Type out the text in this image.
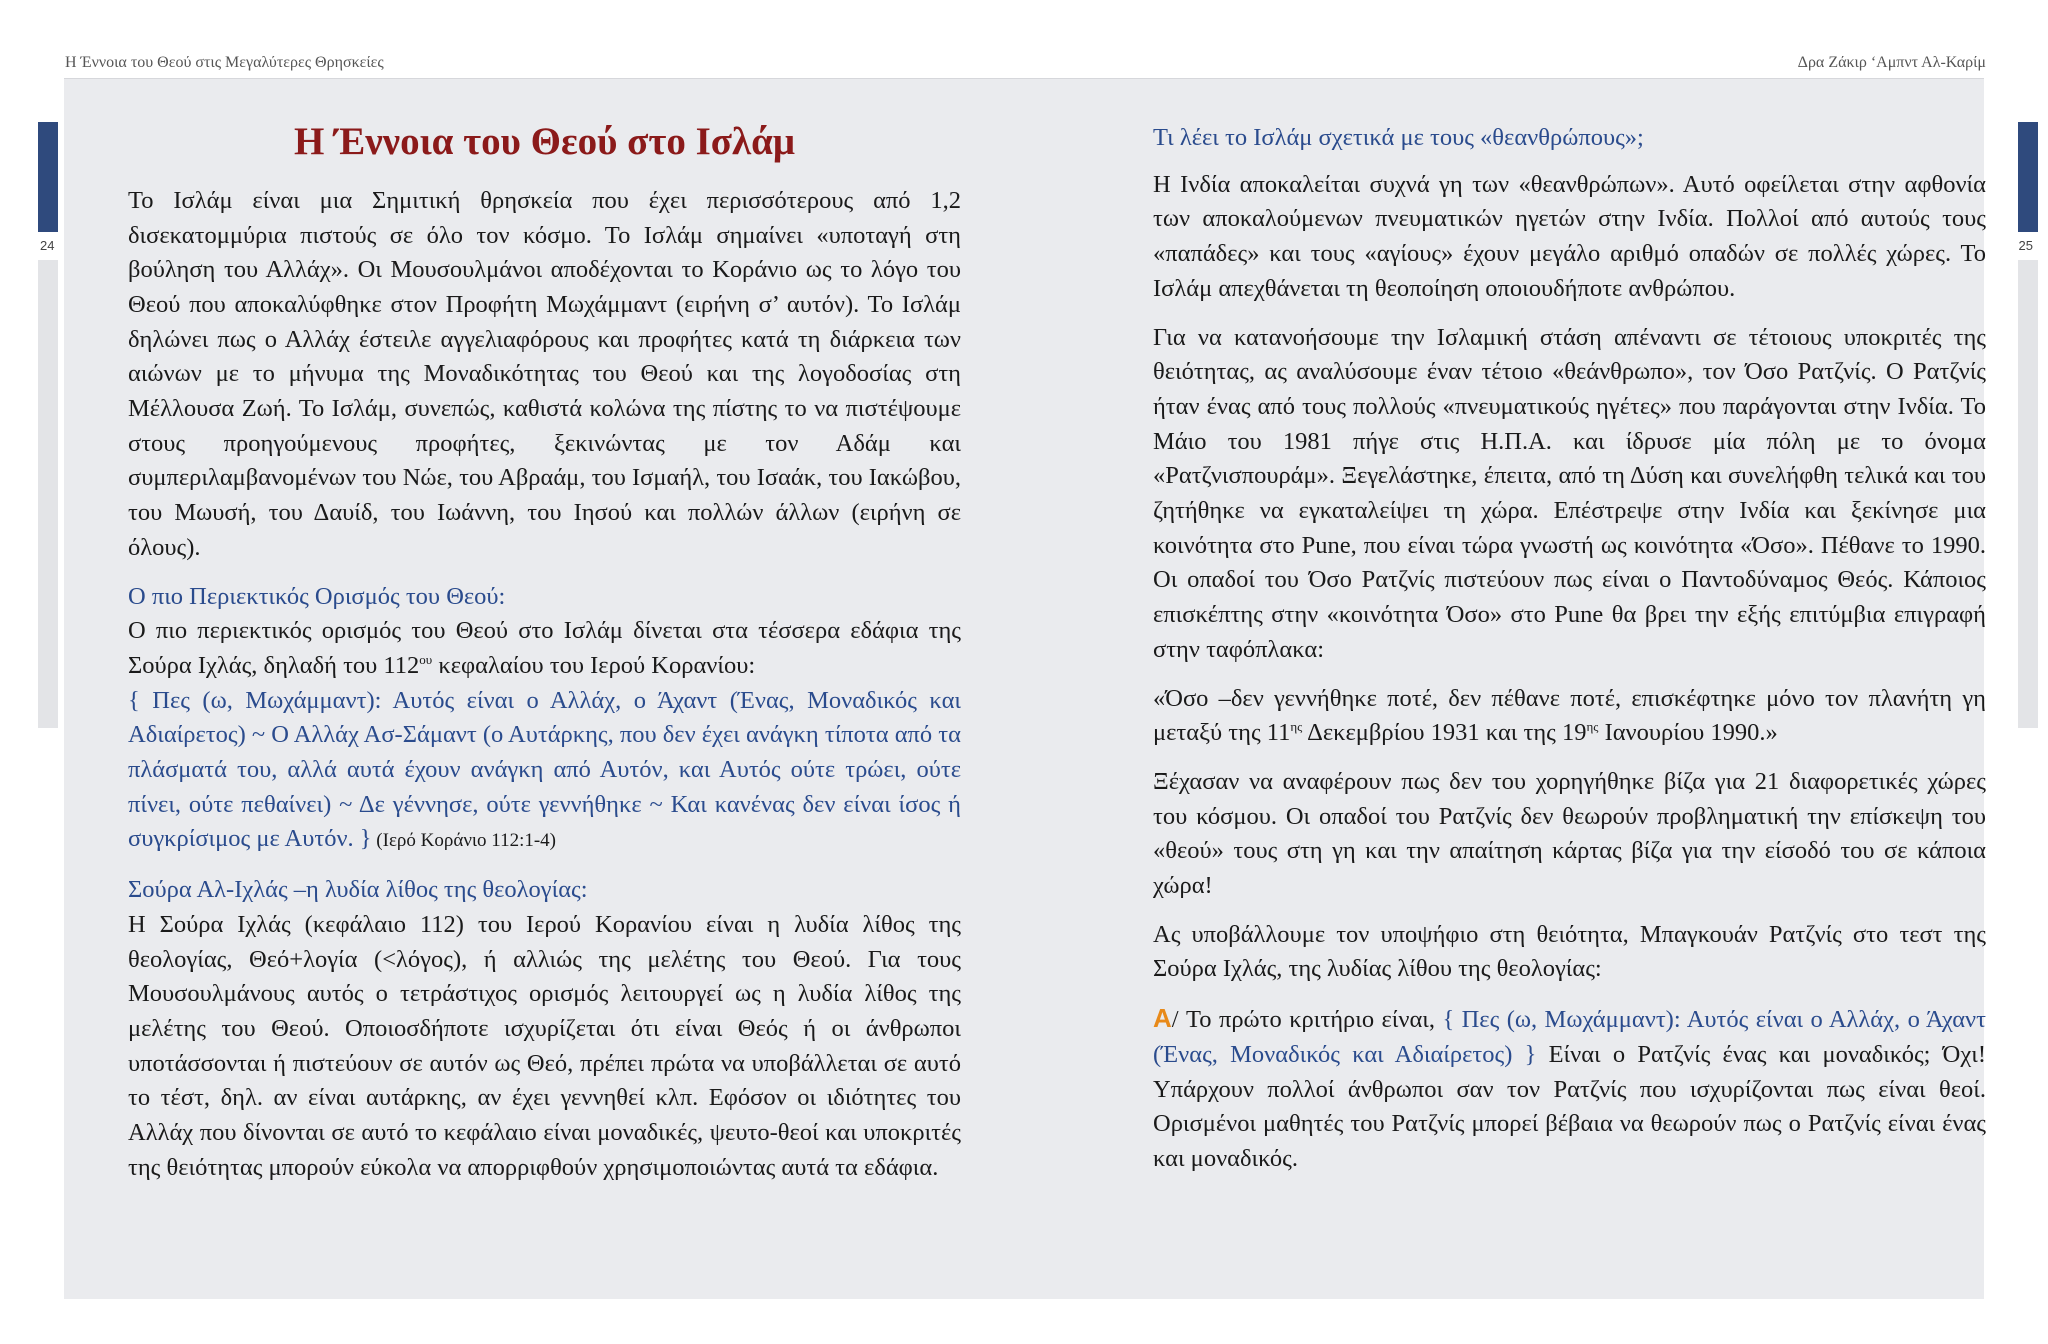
Η Έννοια του Θεού στις Μεγαλύτερες Θρησκείες	Δρα Ζάκιρ ‘Αμπντ Αλ-Καρίμ
24	25
Η Έννοια του Θεού στο Ισλάμ

Το Ισλάμ είναι μια Σημιτική θρησκεία που έχει περισσότερους από 1,2 δισεκατομμύρια πιστούς σε όλο τον κόσμο. Το Ισλάμ σημαίνει «υποταγή στη βούληση του Αλλάχ». Οι Μουσουλμάνοι αποδέχονται το Κοράνιο ως το λόγο του Θεού που αποκαλύφθηκε στον Προφήτη Μωχάμμαντ (ειρήνη σ’ αυτόν). Το Ισλάμ δηλώνει πως ο Αλλάχ έστειλε αγγελιαφόρους και προφήτες κατά τη διάρκεια των αιώνων με το μήνυμα της Μοναδικότητας του Θεού και της λογοδοσίας στη Μέλλουσα Ζωή. Το Ισλάμ, συνεπώς, καθιστά κολώνα της πίστης το να πιστέψουμε στους προηγούμενους προφήτες, ξεκινώντας με τον Αδάμ και συμπεριλαμβανομένων του Νώε, του Αβραάμ, του Ισμαήλ, του Ισαάκ, του Ιακώβου, του Μωυσή, του Δαυίδ, του Ιωάννη, του Ιησού και πολλών άλλων (ειρήνη σε όλους).

Ο πιο Περιεκτικός Ορισμός του Θεού:

Ο πιο περιεκτικός ορισμός του Θεού στο Ισλάμ δίνεται στα τέσσερα εδάφια της Σούρα Ιχλάς, δηλαδή του $112^{o\upsilon}$ κεφαλαίου του Ιερού Κορανίου:

{ Πες (ω, Μωχάμμαντ): Αυτός είναι ο Αλλάχ, ο Άχαντ (Ένας, Μοναδικός και Αδιαίρετος) ~ Ο Αλλάχ Ασ-Σάμαντ (ο Αυτάρκης, που δεν έχει ανάγκη τίποτα από τα πλάσματά του, αλλά αυτά έχουν ανάγκη από Αυτόν, και Αυτός ούτε τρώει, ούτε πίνει, ούτε πεθαίνει) ~ Δε γέννησε, ούτε γεννήθηκε ~ Και κανένας δεν είναι ίσος ή συγκρίσιμος με Αυτόν. } (Ιερό Κοράνιο 112:1-4)

Σούρα Αλ-Ιχλάς –η λυδία λίθος της θεολογίας:

Η Σούρα Ιχλάς (κεφάλαιο 112) του Ιερού Κορανίου είναι η λυδία λίθος της θεολογίας, Θεό+λογία (<λόγος), ή αλλιώς της μελέτης του Θεού. Για τους Μουσουλμάνους αυτός ο τετράστιχος ορισμός λειτουργεί ως η λυδία λίθος της μελέτης του Θεού. Οποιοσδήποτε ισχυρίζεται ότι είναι Θεός ή οι άνθρωποι υποτάσσονται ή πιστεύουν σε αυτόν ως Θεό, πρέπει πρώτα να υποβάλλεται σε αυτό το τέστ, δηλ. αν είναι αυτάρκης, αν έχει γεννηθεί κλπ. Εφόσον οι ιδιότητες του Αλλάχ που δίνονται σε αυτό το κεφάλαιο είναι μοναδικές, ψευτο-θεοί και υποκριτές της θειότητας μπορούν εύκολα να απορριφθούν χρησιμοποιώντας αυτά τα εδάφια.

Τι λέει το Ισλάμ σχετικά με τους «θεανθρώπους»;

Η Ινδία αποκαλείται συχνά γη των «θεανθρώπων». Αυτό οφείλεται στην αφθονία των αποκαλούμενων πνευματικών ηγετών στην Ινδία. Πολλοί από αυτούς τους «παπάδες» και τους «αγίους» έχουν μεγάλο αριθμό οπαδών σε πολλές χώρες. Το Ισλάμ απεχθάνεται τη θεοποίηση οποιουδήποτε ανθρώπου.

Για να κατανοήσουμε την Ισλαμική στάση απέναντι σε τέτοιους υποκριτές της θειότητας, ας αναλύσουμε έναν τέτοιο «θεάνθρωπο», τον Όσο Ρατζνίς. Ο Ρατζνίς ήταν ένας από τους πολλούς «πνευματικούς ηγέτες» που παράγονται στην Ινδία. Το Μάιο του 1981 πήγε στις Η.Π.Α. και ίδρυσε μία πόλη με το όνομα «Ρατζνισπουράμ». Ξεγελάστηκε, έπειτα, από τη Δύση και συνελήφθη τελικά και του ζητήθηκε να εγκαταλείψει τη χώρα. Επέστρεψε στην Ινδία και ξεκίνησε μια κοινότητα στο Pune, που είναι τώρα γνωστή ως κοινότητα «Όσο». Πέθανε το 1990. Οι οπαδοί του Όσο Ρατζνίς πιστεύουν πως είναι ο Παντοδύναμος Θεός. Κάποιος επισκέπτης στην «κοινότητα Όσο» στο Pune θα βρει την εξής επιτύμβια επιγραφή στην ταφόπλακα:

«Όσο –δεν γεννήθηκε ποτέ, δεν πέθανε ποτέ, επισκέφτηκε μόνο τον πλανήτη γη μεταξύ της $11^{\eta\varsigma}$ Δεκεμβρίου 1931 και της $19^{\eta\varsigma}$ Ιανουρίου 1990.»

Ξέχασαν να αναφέρουν πως δεν του χορηγήθηκε βίζα για 21 διαφορετικές χώρες του κόσμου. Οι οπαδοί του Ρατζνίς δεν θεωρούν προβληματική την επίσκεψη του «θεού» τους στη γη και την απαίτηση κάρτας βίζα για την είσοδό του σε κάποια χώρα!

Ας υποβάλλουμε τον υποψήφιο στη θειότητα, Μπαγκουάν Ρατζνίς στο τεστ της Σούρα Ιχλάς, της λυδίας λίθου της θεολογίας:

A/ Το πρώτο κριτήριο είναι, { Πες (ω, Μωχάμμαντ): Αυτός είναι ο Αλλάχ, ο Άχαντ (Ένας, Μοναδικός και Αδιαίρετος) } Είναι ο Ρατζνίς ένας και μοναδικός; Όχι! Υπάρχουν πολλοί άνθρωποι σαν τον Ρατζνίς που ισχυρίζονται πως είναι θεοί. Ορισμένοι μαθητές του Ρατζνίς μπορεί βέβαια να θεωρούν πως ο Ρατζνίς είναι ένας και μοναδικός.
